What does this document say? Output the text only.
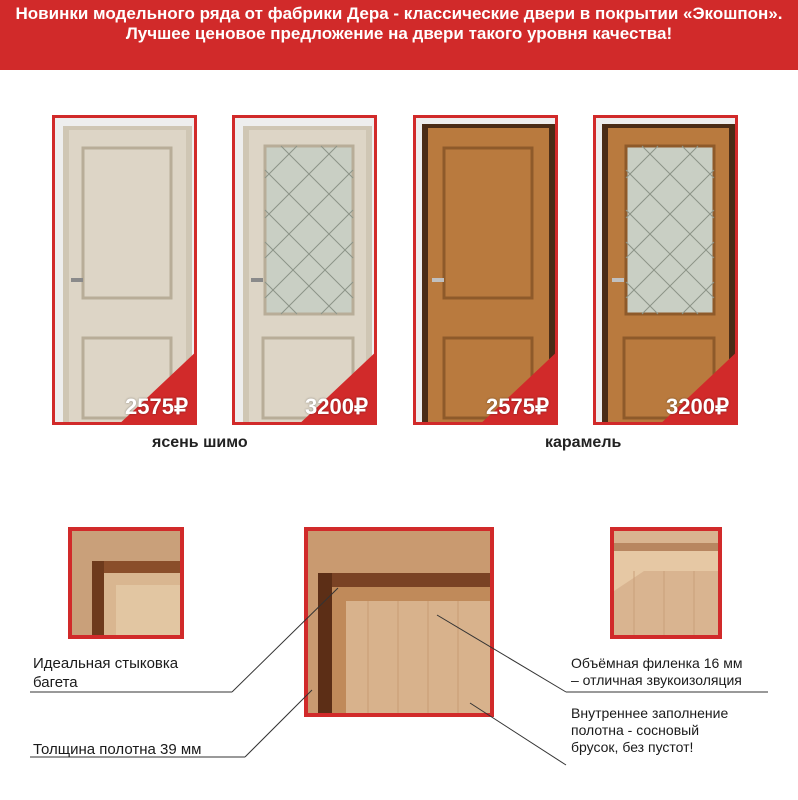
Новинки модельного ряда от фабрики Дера - классические двери в покрытии «Экошпон».
Лучшее ценовое предложение на двери такого уровня качества!
2575₽	3200₽	2575₽	3200₽
ясень шимо	карамель
Идеальная стыковка
багета
Толщина полотна 39 мм
Объёмная филенка 16 мм
– отличная звукоизоляция
Внутреннее заполнение
полотна - сосновый
брусок, без пустот!
